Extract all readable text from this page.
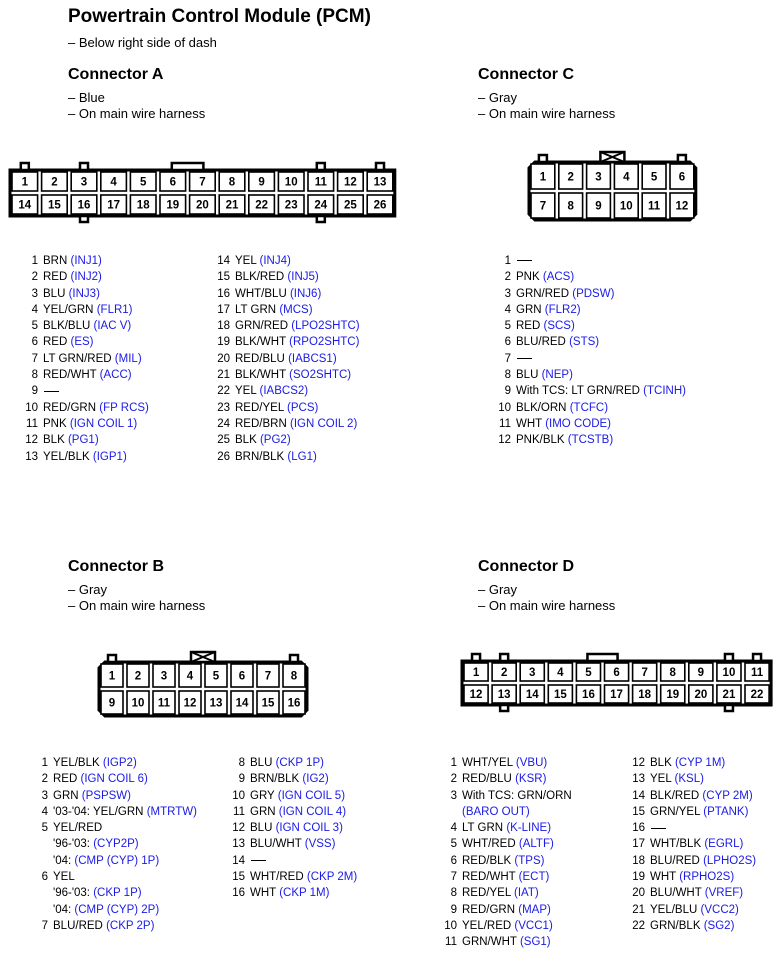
Powertrain Control Module (PCM)
– Below right side of dash
Connector A
– Blue
– On main wire harness
1 2 3 4 5 6 7 8 9 10 11 12 13
14 15 16 17 18 19 20 21 22 23 24 25 26
1 2 3 4 5 6
7 8 9 10 11 12
1 2 3 4 5 6 7 8
9 10 11 12 13 14 15 16
1 2 3 4 5 6 7 8 9 10 11
12 13 14 15 16 17 18 19 20 21 22
1 BRN (INJ1)
2 RED (INJ2)
3 BLU (INJ3)
4 YEL/GRN (FLR1)
5 BLK/BLU (IAC V)
6 RED (ES)
7 LT GRN/RED (MIL)
8 RED/WHT (ACC)
9
10 RED/GRN (FP RCS)
11 PNK (IGN COIL 1)
12 BLK (PG1)
13 YEL/BLK (IGP1)
14 YEL (INJ4)
15 BLK/RED (INJ5)
16 WHT/BLU (INJ6)
17 LT GRN (MCS)
18 GRN/RED (LPO2SHTC)
19 BLK/WHT (RPO2SHTC)
20 RED/BLU (IABCS1)
21 BLK/WHT (SO2SHTC)
22 YEL (IABCS2)
23 RED/YEL (PCS)
24 RED/BRN (IGN COIL 2)
25 BLK (PG2)
26 BRN/BLK (LG1)
Connector C
– Gray
– On main wire harness
1
2 PNK (ACS)
3 GRN/RED (PDSW)
4 GRN (FLR2)
5 RED (SCS)
6 BLU/RED (STS)
7
8 BLU (NEP)
9 With TCS: LT GRN/RED (TCINH)
10 BLK/ORN (TCFC)
11 WHT (IMO CODE)
12 PNK/BLK (TCSTB)
Connector B
– Gray
– On main wire harness
1 YEL/BLK (IGP2)
2 RED (IGN COIL 6)
3 GRN (PSPSW)
4 '03-'04: YEL/GRN (MTRTW)
5 YEL/RED
'96-'03: (CYP2P)
'04: (CMP (CYP) 1P)
6 YEL
'96-'03: (CKP 1P)
'04: (CMP (CYP) 2P)
7 BLU/RED (CKP 2P)
8 BLU (CKP 1P)
9 BRN/BLK (IG2)
10 GRY (IGN COIL 5)
11 GRN (IGN COIL 4)
12 BLU (IGN COIL 3)
13 BLU/WHT (VSS)
14
15 WHT/RED (CKP 2M)
16 WHT (CKP 1M)
Connector D
– Gray
– On main wire harness
1 WHT/YEL (VBU)
2 RED/BLU (KSR)
3 With TCS: GRN/ORN
(BARO OUT)
4 LT GRN (K-LINE)
5 WHT/RED (ALTF)
6 RED/BLK (TPS)
7 RED/WHT (ECT)
8 RED/YEL (IAT)
9 RED/GRN (MAP)
10 YEL/RED (VCC1)
11 GRN/WHT (SG1)
12 BLK (CYP 1M)
13 YEL (KSL)
14 BLK/RED (CYP 2M)
15 GRN/YEL (PTANK)
16
17 WHT/BLK (EGRL)
18 BLU/RED (LPHO2S)
19 WHT (RPHO2S)
20 BLU/WHT (VREF)
21 YEL/BLU (VCC2)
22 GRN/BLK (SG2)
